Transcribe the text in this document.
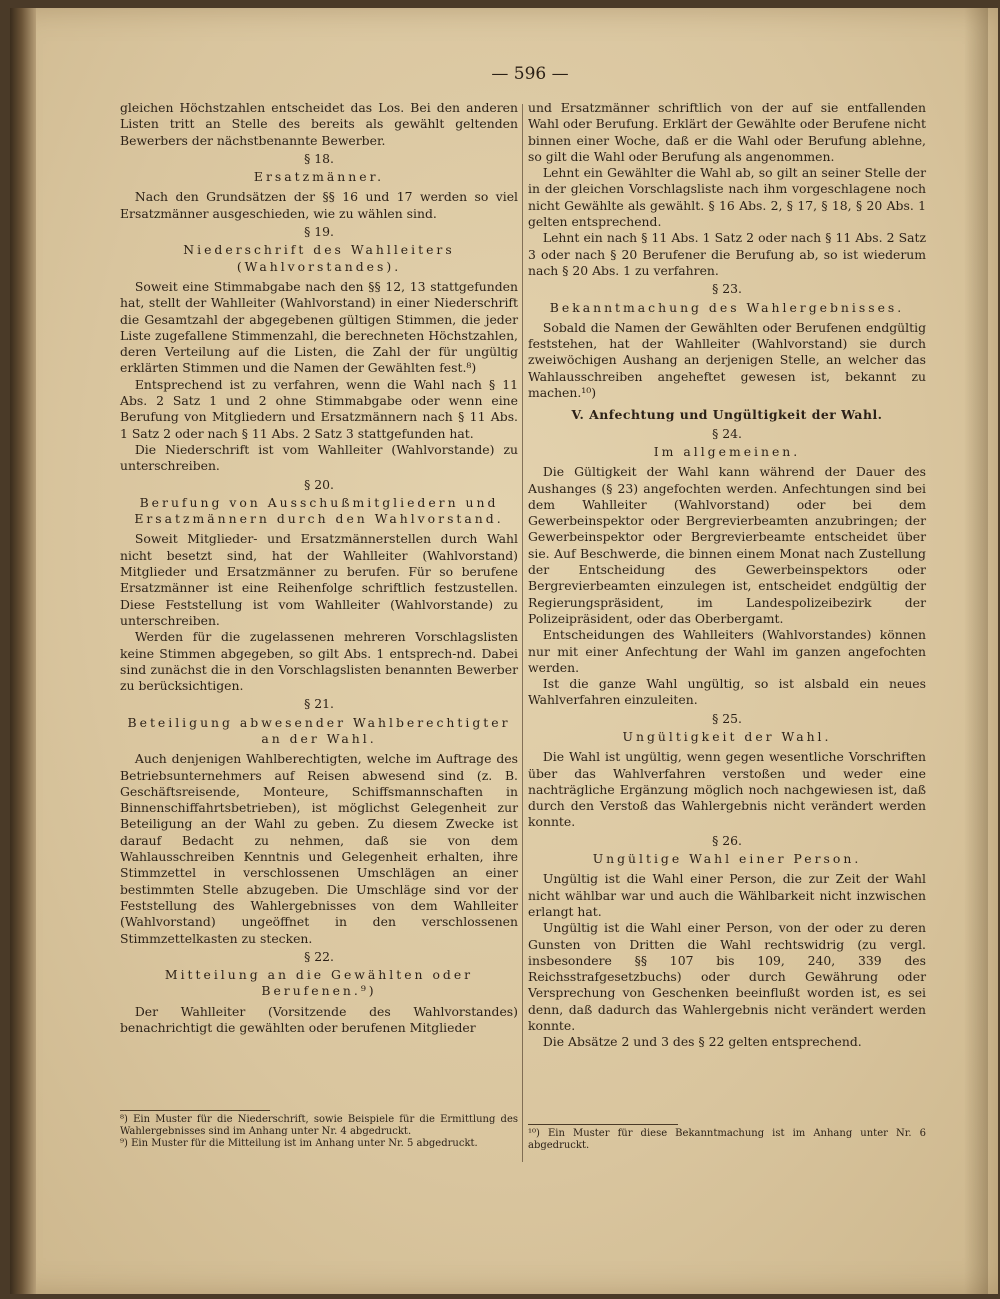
— 596 —

gleichen Höchstzahlen entscheidet das Los. Bei den anderen Listen tritt an Stelle des bereits als gewählt geltenden Bewerbers der nächstbenannte Bewerber.

§ 18.
Ersatzmänner.

Nach den Grundsätzen der §§ 16 und 17 werden so viel Ersatzmänner ausgeschieden, wie zu wählen sind.

§ 19.
Niederschrift des Wahlleiters (Wahlvorstandes).

Soweit eine Stimmabgabe nach den §§ 12, 13 stattgefunden hat, stellt der Wahlleiter (Wahlvorstand) in einer Niederschrift die Gesamtzahl der abgegebenen gültigen Stimmen, die jeder Liste zugefallene Stimmenzahl, die berechneten Höchstzahlen, deren Verteilung auf die Listen, die Zahl der für ungültig erklärten Stimmen und die Namen der Gewählten fest.⁸)

Entsprechend ist zu verfahren, wenn die Wahl nach § 11 Abs. 2 Satz 1 und 2 ohne Stimmabgabe oder wenn eine Berufung von Mitgliedern und Ersatzmännern nach § 11 Abs. 1 Satz 2 oder nach § 11 Abs. 2 Satz 3 stattgefunden hat.

Die Niederschrift ist vom Wahlleiter (Wahlvorstande) zu unterschreiben.

§ 20.
Berufung von Ausschußmitgliedern und Ersatzmännern durch den Wahlvorstand.

Soweit Mitglieder- und Ersatzmännerstellen durch Wahl nicht besetzt sind, hat der Wahlleiter (Wahlvorstand) Mitglieder und Ersatzmänner zu berufen. Für so berufene Ersatzmänner ist eine Reihenfolge schriftlich festzustellen. Diese Feststellung ist vom Wahlleiter (Wahlvorstande) zu unterschreiben.

Werden für die zugelassenen mehreren Vorschlagslisten keine Stimmen abgegeben, so gilt Abs. 1 entsprech-nd. Dabei sind zunächst die in den Vorschlagslisten benannten Bewerber zu berücksichtigen.

§ 21.
Beteiligung abwesender Wahlberechtigter an der Wahl.

Auch denjenigen Wahlberechtigten, welche im Auftrage des Betriebsunternehmers auf Reisen abwesend sind (z. B. Geschäftsreisende, Monteure, Schiffsmannschaften in Binnenschiffahrtsbetrieben), ist möglichst Gelegenheit zur Beteiligung an der Wahl zu geben. Zu diesem Zwecke ist darauf Bedacht zu nehmen, daß sie von dem Wahlausschreiben Kenntnis und Gelegenheit erhalten, ihre Stimmzettel in verschlossenen Umschlägen an einer bestimmten Stelle abzugeben. Die Umschläge sind vor der Feststellung des Wahlergebnisses von dem Wahlleiter (Wahlvorstand) ungeöffnet in den verschlossenen Stimmzettelkasten zu stecken.

§ 22.
Mitteilung an die Gewählten oder Berufenen.⁹)

Der Wahlleiter (Vorsitzende des Wahlvorstandes) benachrichtigt die gewählten oder berufenen Mitglieder

⁸) Ein Muster für die Niederschrift, sowie Beispiele für die Ermittlung des Wahlergebnisses sind im Anhang unter Nr. 4 abgedruckt.

⁹) Ein Muster für die Mitteilung ist im Anhang unter Nr. 5 abgedruckt.

und Ersatzmänner schriftlich von der auf sie entfallenden Wahl oder Berufung. Erklärt der Gewählte oder Berufene nicht binnen einer Woche, daß er die Wahl oder Berufung ablehne, so gilt die Wahl oder Berufung als angenommen.

Lehnt ein Gewählter die Wahl ab, so gilt an seiner Stelle der in der gleichen Vorschlagsliste nach ihm vorgeschlagene noch nicht Gewählte als gewählt. § 16 Abs. 2, § 17, § 18, § 20 Abs. 1 gelten entsprechend.

Lehnt ein nach § 11 Abs. 1 Satz 2 oder nach § 11 Abs. 2 Satz 3 oder nach § 20 Berufener die Berufung ab, so ist wiederum nach § 20 Abs. 1 zu verfahren.

§ 23.
Bekanntmachung des Wahlergebnisses.

Sobald die Namen der Gewählten oder Berufenen endgültig feststehen, hat der Wahlleiter (Wahlvorstand) sie durch zweiwöchigen Aushang an derjenigen Stelle, an welcher das Wahlausschreiben angeheftet gewesen ist, bekannt zu machen.¹⁰)

V. Anfechtung und Ungültigkeit der Wahl.
§ 24.
Im allgemeinen.

Die Gültigkeit der Wahl kann während der Dauer des Aushanges (§ 23) angefochten werden. Anfechtungen sind bei dem Wahlleiter (Wahlvorstand) oder bei dem Gewerbeinspektor oder Bergrevierbeamten anzubringen; der Gewerbeinspektor oder Bergrevierbeamte entscheidet über sie. Auf Beschwerde, die binnen einem Monat nach Zustellung der Entscheidung des Gewerbeinspektors oder Bergrevierbeamten einzulegen ist, entscheidet endgültig der Regierungspräsident, im Landespolizeibezirk der Polizeipräsident, oder das Oberbergamt.

Entscheidungen des Wahlleiters (Wahlvorstandes) können nur mit einer Anfechtung der Wahl im ganzen angefochten werden.

Ist die ganze Wahl ungültig, so ist alsbald ein neues Wahlverfahren einzuleiten.

§ 25.
Ungültigkeit der Wahl.

Die Wahl ist ungültig, wenn gegen wesentliche Vorschriften über das Wahlverfahren verstoßen und weder eine nachträgliche Ergänzung möglich noch nachgewiesen ist, daß durch den Verstoß das Wahlergebnis nicht verändert werden konnte.

§ 26.
Ungültige Wahl einer Person.

Ungültig ist die Wahl einer Person, die zur Zeit der Wahl nicht wählbar war und auch die Wählbarkeit nicht inzwischen erlangt hat.

Ungültig ist die Wahl einer Person, von der oder zu deren Gunsten von Dritten die Wahl rechtswidrig (zu vergl. insbesondere §§ 107 bis 109, 240, 339 des Reichsstrafgesetzbuchs) oder durch Gewährung oder Versprechung von Geschenken beeinflußt worden ist, es sei denn, daß dadurch das Wahlergebnis nicht verändert werden konnte.

Die Absätze 2 und 3 des § 22 gelten entsprechend.

¹⁰) Ein Muster für diese Bekanntmachung ist im Anhang unter Nr. 6 abgedruckt.
